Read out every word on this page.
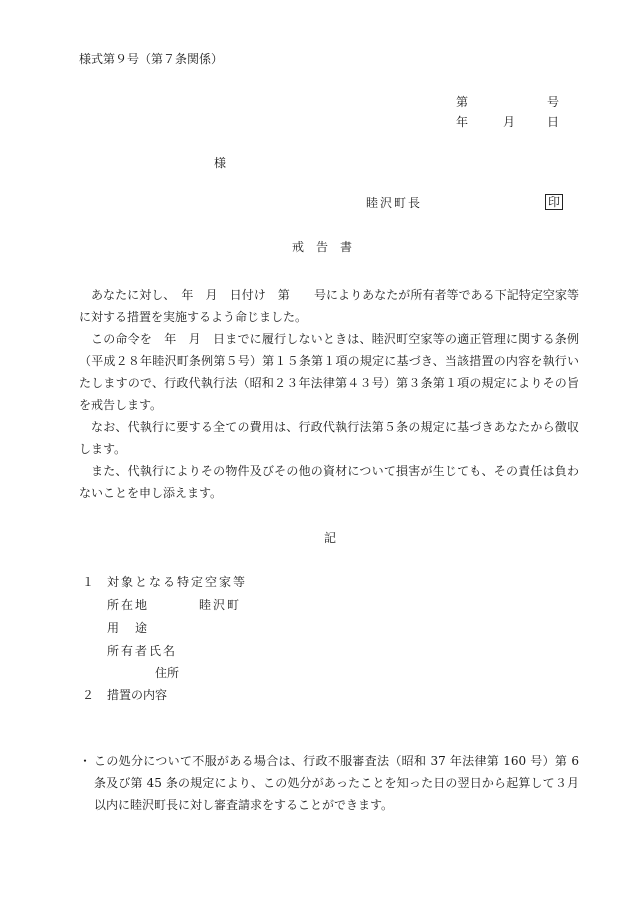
様式第９号（第７条関係）
第	号
年	月	日
様
睦沢町長	印
戒　告　書

あなたに対し、　年　月　日付け　第　　号によりあなたが所有者等である下記特定空家等に対する措置を実施するよう命じました。

この命令を　年　月　日までに履行しないときは、睦沢町空家等の適正管理に関する条例（平成２８年睦沢町条例第５号）第１５条第１項の規定に基づき、当該措置の内容を執行いたしますので、行政代執行法（昭和２３年法律第４３号）第３条第１項の規定によりその旨を戒告します。

なお、代執行に要する全ての費用は、行政代執行法第５条の規定に基づきあなたから徴収します。

また、代執行によりその物件及びその他の資材について損害が生じても、その責任は負わないことを申し添えます。

記
１ 対象となる特定空家等
所在地	睦沢町
用　途
所有者氏名
住所
２ 措置の内容
・ この処分について不服がある場合は、行政不服審査法（昭和 37 年法律第 160 号）第 6 条及び第 45 条の規定により、この処分があったことを知った日の翌日から起算して３月以内に睦沢町長に対し審査請求をすることができます。
